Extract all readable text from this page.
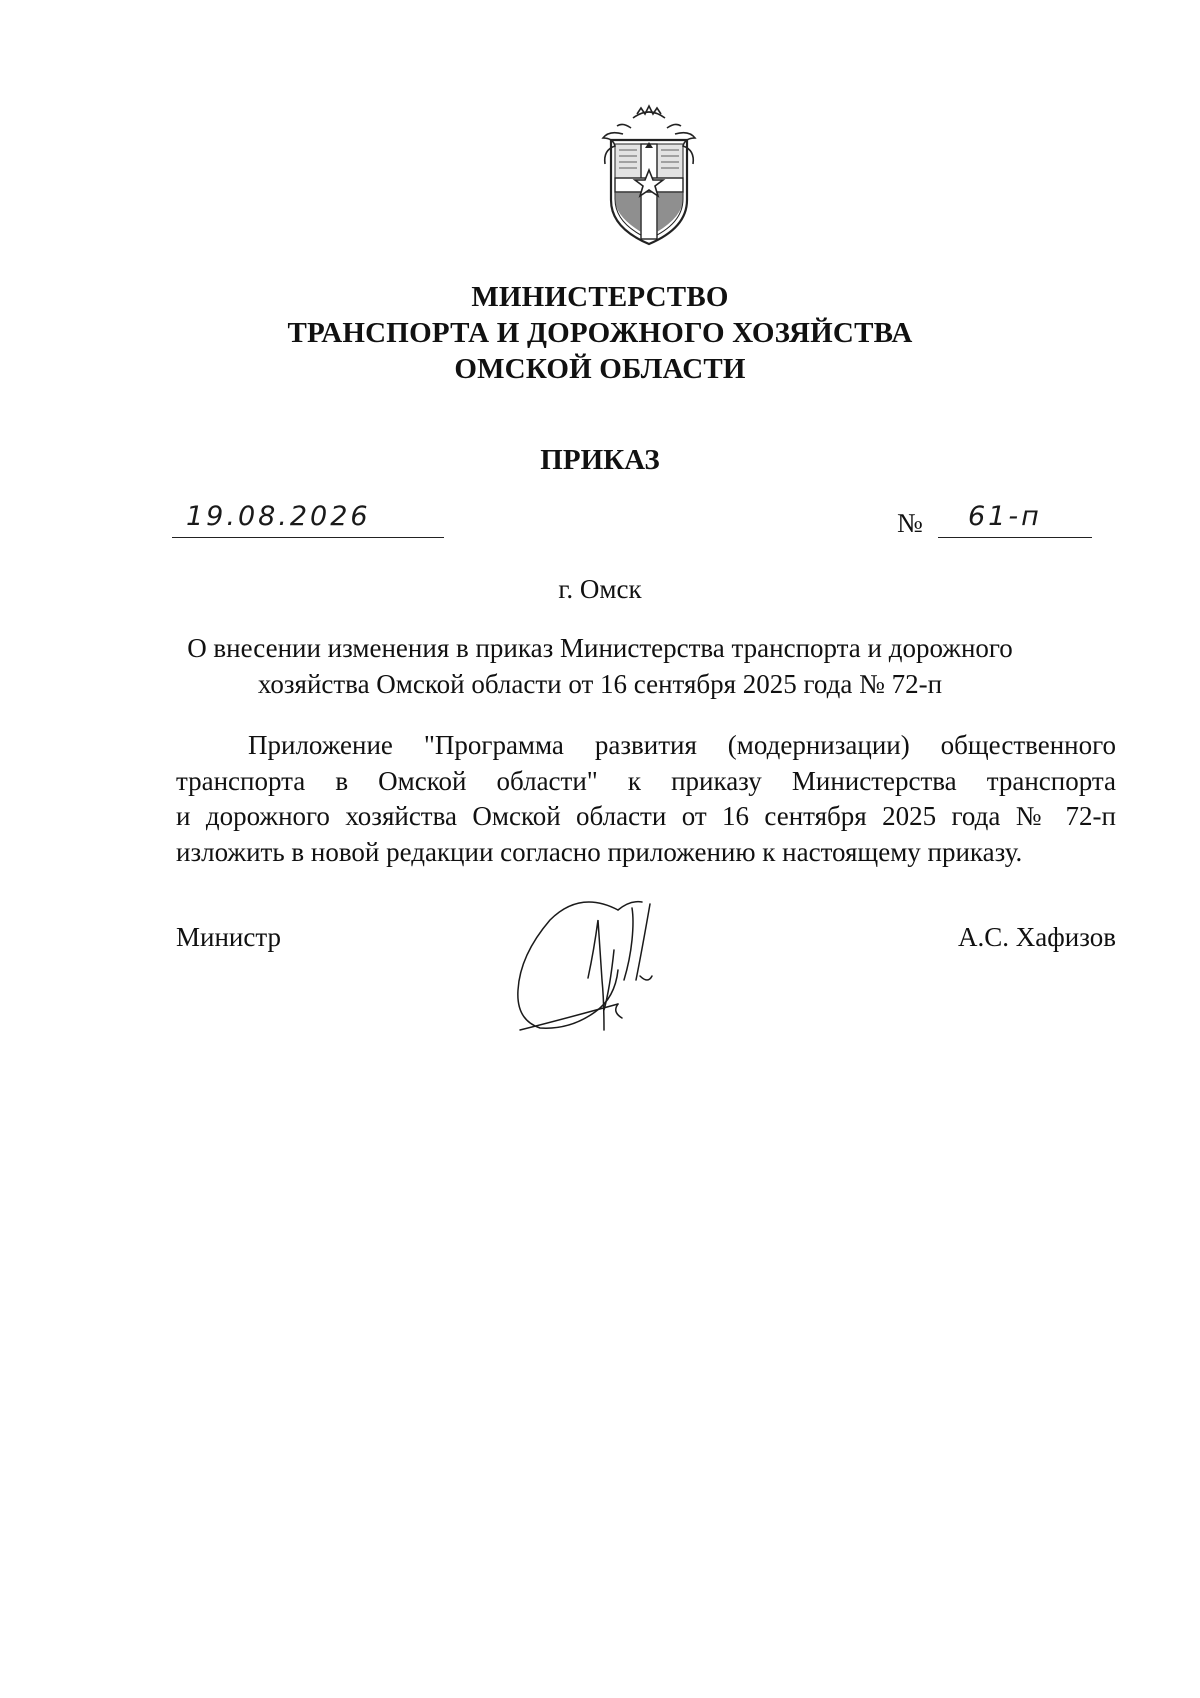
МИНИСТЕРСТВО
ТРАНСПОРТА И ДОРОЖНОГО ХОЗЯЙСТВА
ОМСКОЙ ОБЛАСТИ
ПРИКАЗ
19.08.2026	№ 61-п
г. Омск
О внесении изменения в приказ Министерства транспорта и дорожного
хозяйства Омской области от 16 сентября 2025 года № 72-п
Приложение "Программа развития (модернизации) общественного
транспорта в Омской области" к приказу Министерства транспорта
и дорожного хозяйства Омской области от 16 сентября 2025 года № 72-п
изложить в новой редакции согласно приложению к настоящему приказу.
Министр	А.С. Хафизов
